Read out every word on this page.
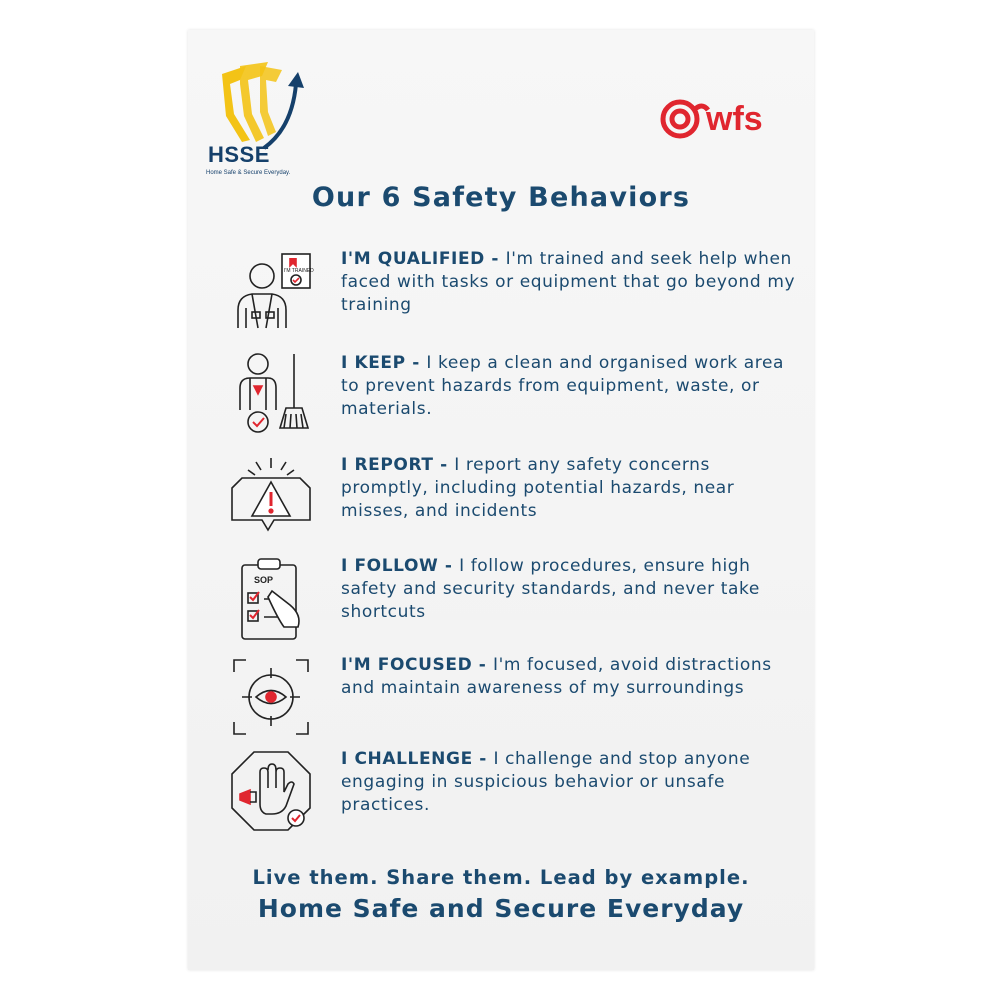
HSSE
Home Safe & Secure Everyday.
wfs
Our 6 Safety Behaviors
I'M TRAINED
I'M QUALIFIED - I'm trained and seek help when faced with tasks or equipment that go beyond my training
I KEEP - I keep a clean and organised work area to prevent hazards from equipment, waste, or materials.
I REPORT - I report any safety concerns promptly, including potential hazards, near misses, and incidents
SOP
I FOLLOW - I follow procedures, ensure high safety and security standards, and never take shortcuts
I'M FOCUSED - I'm focused, avoid distractions and maintain awareness of my surroundings
I CHALLENGE - I challenge and stop anyone engaging in suspicious behavior or unsafe practices.
Live them. Share them. Lead by example.
Home Safe and Secure Everyday
